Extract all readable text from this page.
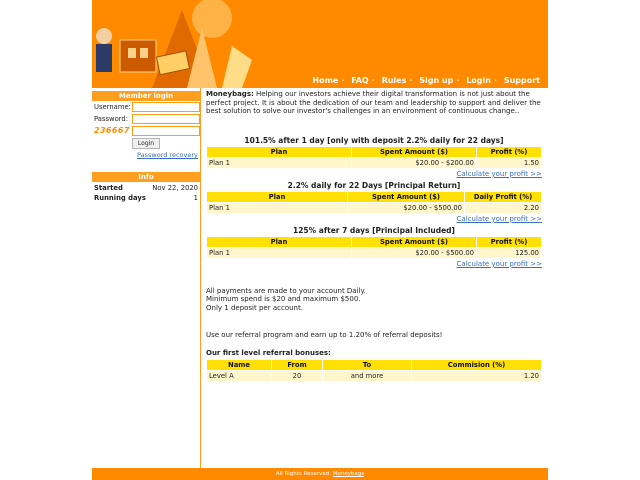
Home · FAQ · Rules · Sign up · Login · Support
Member login
Username:
Password:
236667
Login
Password recovery
Info
Started	Nov 22, 2020
Running days	1

Moneybags: Helping our investors achieve their digital transformation is not just about the perfect project. It is about the dedication of our team and leadership to support and deliver the best solution to solve our investor's challenges in an environment of continuous change..

101.5% after 1 day [only with deposit 2.2% daily for 22 days]
Plan	Spent Amount ($)	Profit (%)
Plan 1	$20.00 - $200.00	1.50
Calculate your profit >>
2.2% daily for 22 Days [Principal Return]
Plan	Spent Amount ($)	Daily Profit (%)
Plan 1	$20.00 - $500.00	2.20
Calculate your profit >>
125% after 7 days [Principal Included]
Plan	Spent Amount ($)	Profit (%)
Plan 1	$20.00 - $500.00	125.00
Calculate your profit >>
All payments are made to your account Daily.
Minimum spend is $20 and maximum $500.
Only 1 deposit per account.
Use our referral program and earn up to 1.20% of referral deposits!
Our first level referral bonuses:
Name	From	To	Commision (%)
Level A	20	and more	1.20
All Rights Reserved. Moneybags
